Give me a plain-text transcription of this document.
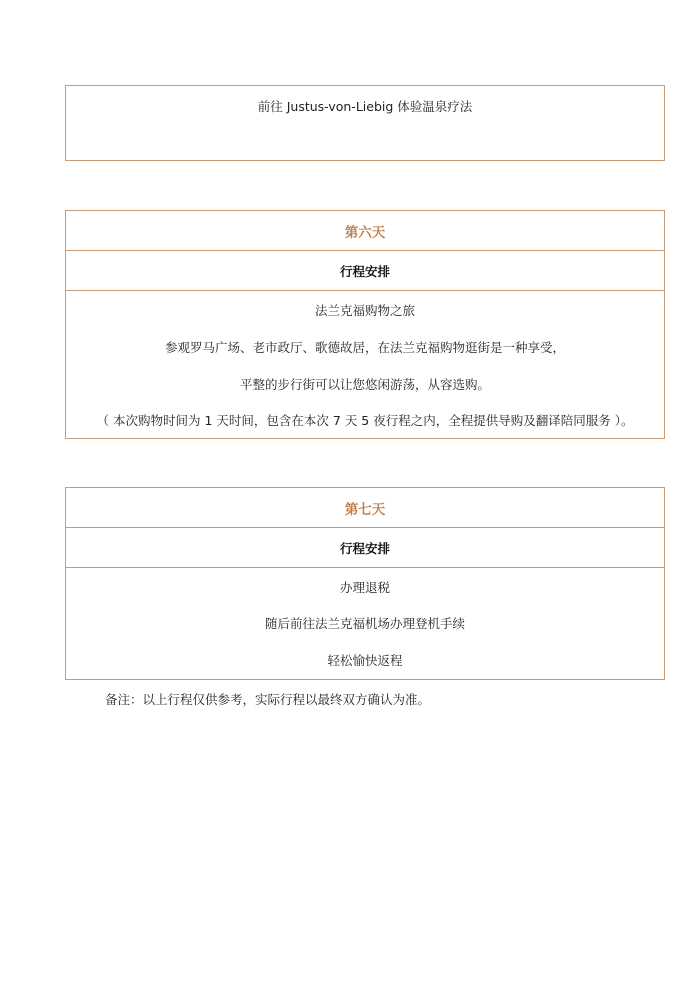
前往 Justus-von-Liebig 体验温泉疗法
第六天
行程安排
法兰克福购物之旅
参观罗马广场、老市政厅、歌德故居，在法兰克福购物逛街是一种享受，
平整的步行街可以让您悠闲游荡，从容选购。
（ 本次购物时间为 1 天时间，包含在本次 7 天 5 夜行程之内，全程提供导购及翻译陪同服务 ）。
第七天
行程安排
办理退税
随后前往法兰克福机场办理登机手续
轻松愉快返程
备注：以上行程仅供参考，实际行程以最终双方确认为准。
